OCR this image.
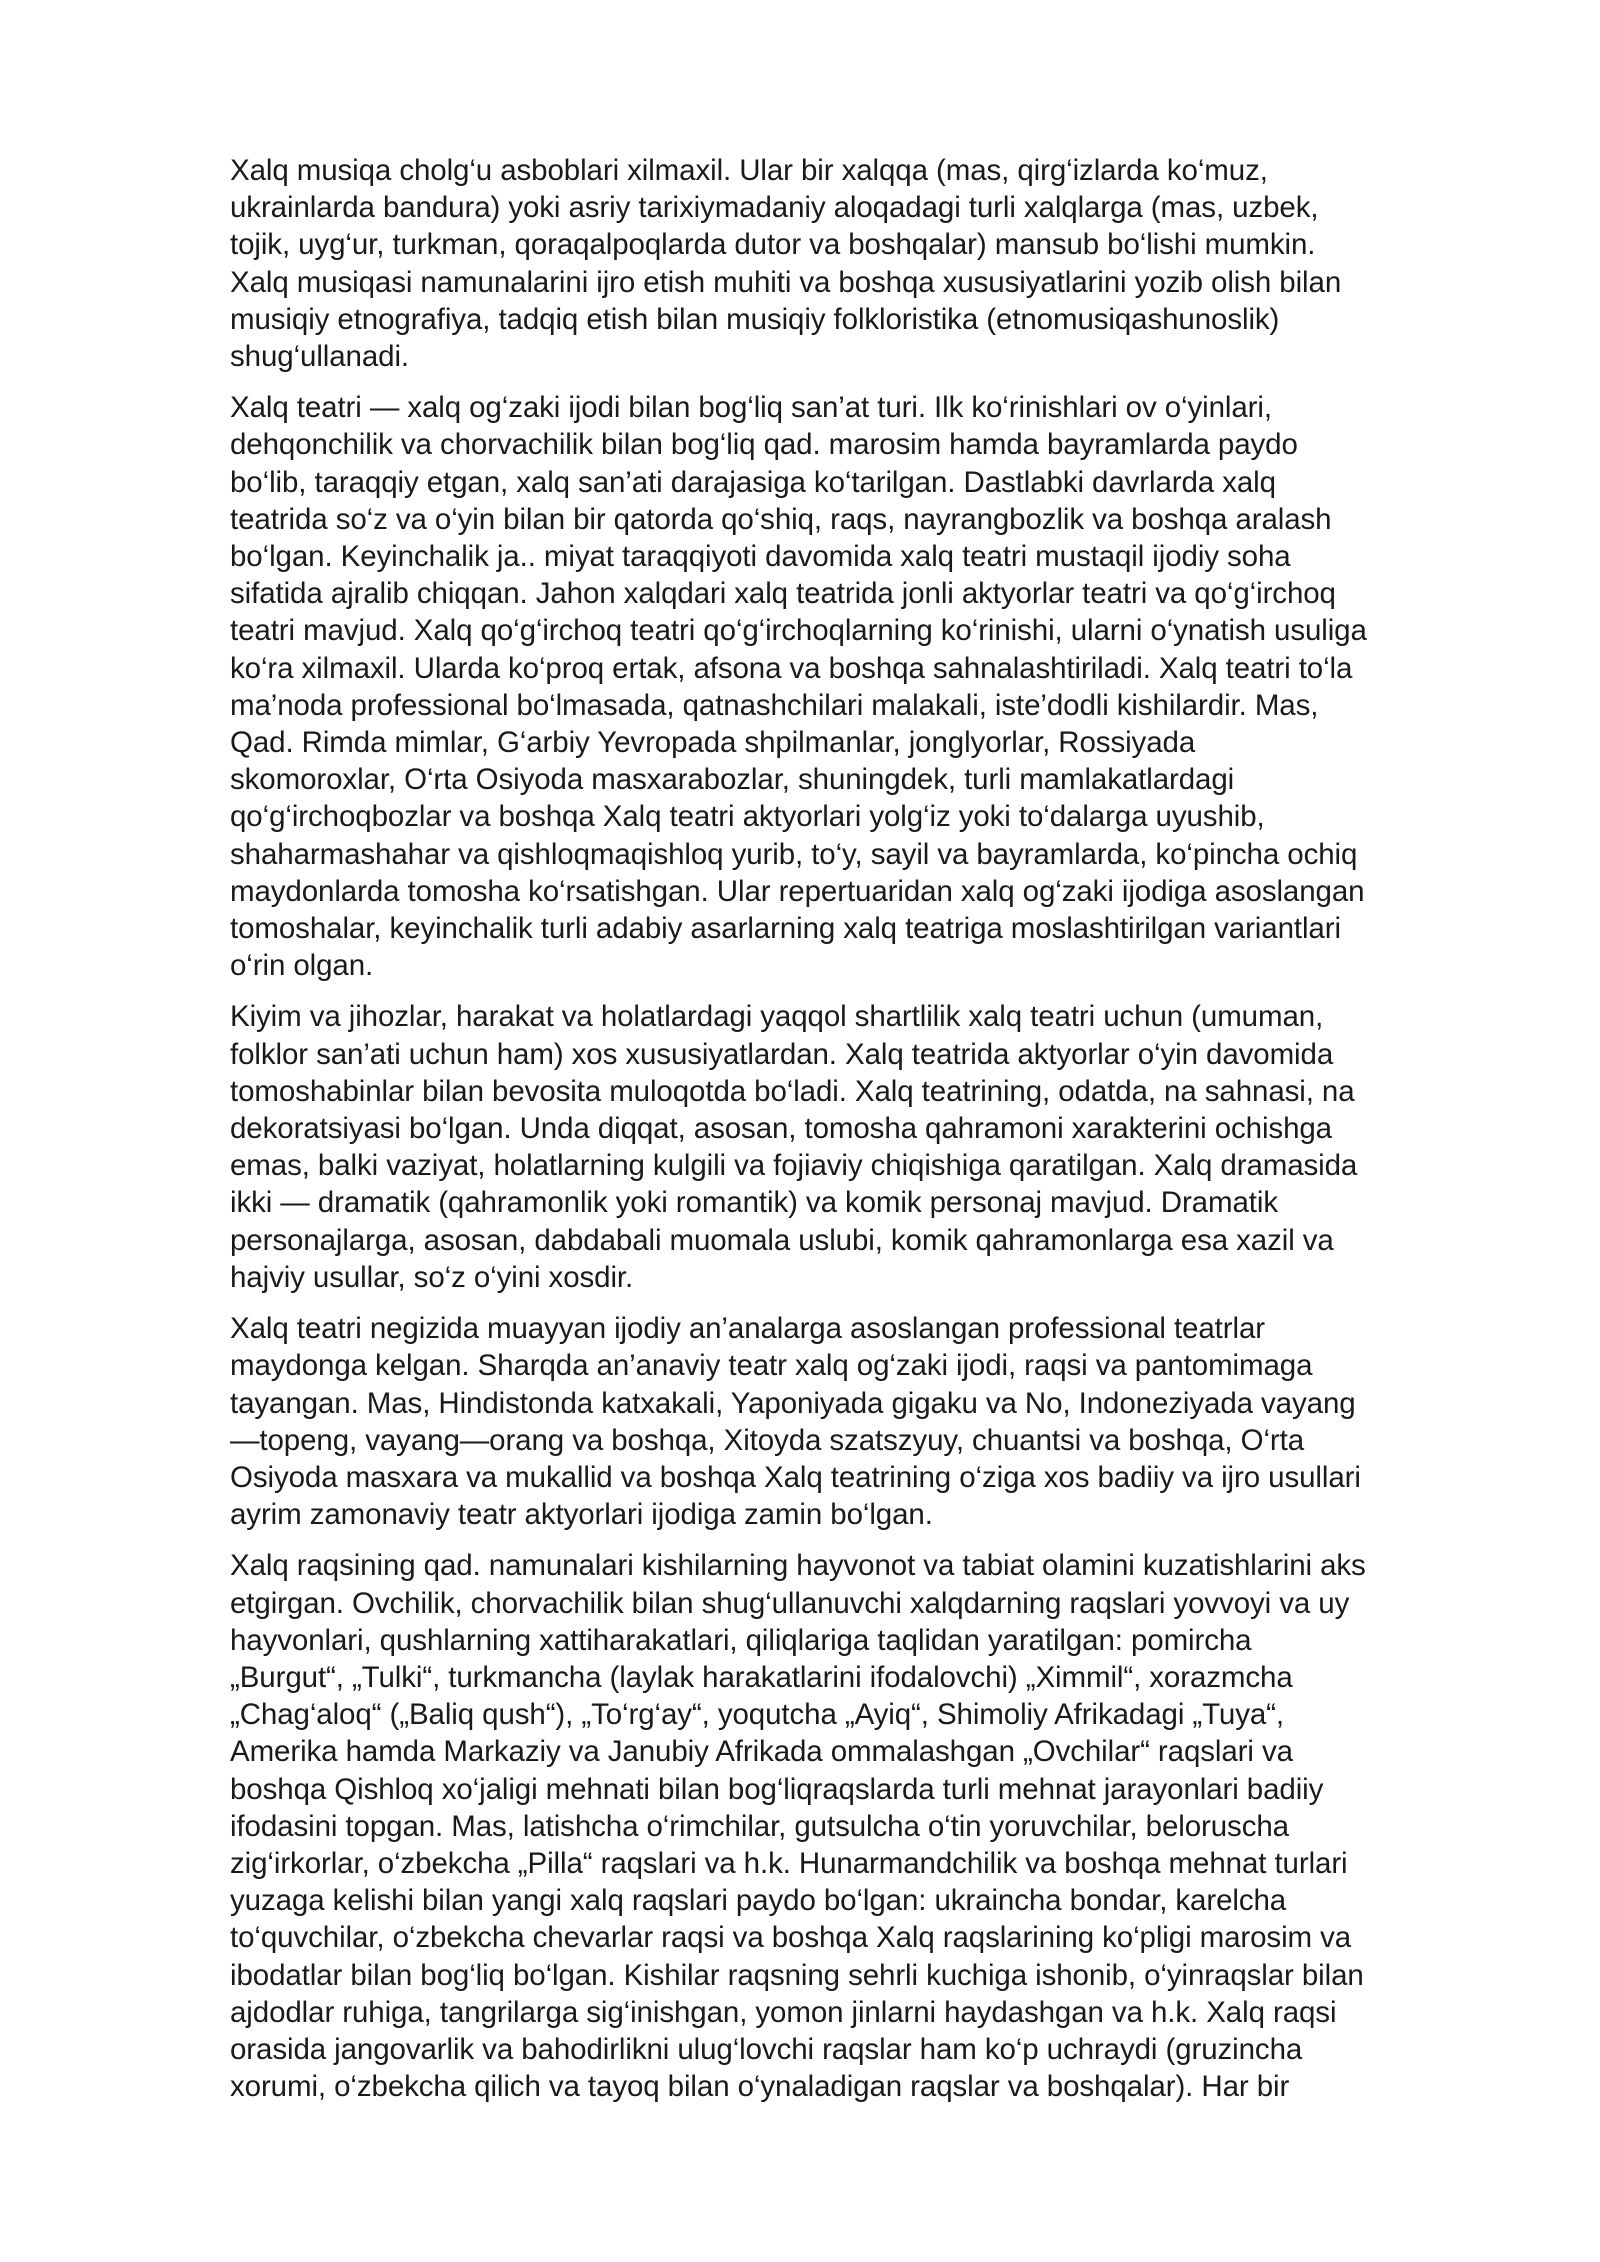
Xalq musiqa cholg‘u asboblari xilmaxil. Ular bir xalqqa (mas, qirg‘izlarda ko‘muz,
ukrainlarda bandura) yoki asriy tarixiymadaniy aloqadagi turli xalqlarga (mas, uzbek,
tojik, uyg‘ur, turkman, qoraqalpoqlarda dutor va boshqalar) mansub bo‘lishi mumkin.
Xalq musiqasi namunalarini ijro etish muhiti va boshqa xususiyatlarini yozib olish bilan
musiqiy etnografiya, tadqiq etish bilan musiqiy folkloristika (etnomusiqashunoslik)
shug‘ullanadi.

Xalq teatri — xalq og‘zaki ijodi bilan bog‘liq san’at turi. Ilk ko‘rinishlari ov o‘yinlari,
dehqonchilik va chorvachilik bilan bog‘liq qad. marosim hamda bayramlarda paydo
bo‘lib, taraqqiy etgan, xalq san’ati darajasiga ko‘tarilgan. Dastlabki davrlarda xalq
teatrida so‘z va o‘yin bilan bir qatorda qo‘shiq, raqs, nayrangbozlik va boshqa aralash
bo‘lgan. Keyinchalik ja.. miyat taraqqiyoti davomida xalq teatri mustaqil ijodiy soha
sifatida ajralib chiqqan. Jahon xalqdari xalq teatrida jonli aktyorlar teatri va qo‘g‘irchoq
teatri mavjud. Xalq qo‘g‘irchoq teatri qo‘g‘irchoqlarning ko‘rinishi, ularni o‘ynatish usuliga
ko‘ra xilmaxil. Ularda ko‘proq ertak, afsona va boshqa sahnalashtiriladi. Xalq teatri to‘la
ma’noda professional bo‘lmasada, qatnashchilari malakali, iste’dodli kishilardir. Mas,
Qad. Rimda mimlar, G‘arbiy Yevropada shpilmanlar, jonglyorlar, Rossiyada
skomoroxlar, O‘rta Osiyoda masxarabozlar, shuningdek, turli mamlakatlardagi
qo‘g‘irchoqbozlar va boshqa Xalq teatri aktyorlari yolg‘iz yoki to‘dalarga uyushib,
shaharmashahar va qishloqmaqishloq yurib, to‘y, sayil va bayramlarda, ko‘pincha ochiq
maydonlarda tomosha ko‘rsatishgan. Ular repertuaridan xalq og‘zaki ijodiga asoslangan
tomoshalar, keyinchalik turli adabiy asarlarning xalq teatriga moslashtirilgan variantlari
o‘rin olgan.

Kiyim va jihozlar, harakat va holatlardagi yaqqol shartlilik xalq teatri uchun (umuman,
folklor san’ati uchun ham) xos xususiyatlardan. Xalq teatrida aktyorlar o‘yin davomida
tomoshabinlar bilan bevosita muloqotda bo‘ladi. Xalq teatrining, odatda, na sahnasi, na
dekoratsiyasi bo‘lgan. Unda diqqat, asosan, tomosha qahramoni xarakterini ochishga
emas, balki vaziyat, holatlarning kulgili va fojiaviy chiqishiga qaratilgan. Xalq dramasida
ikki — dramatik (qahramonlik yoki romantik) va komik personaj mavjud. Dramatik
personajlarga, asosan, dabdabali muomala uslubi, komik qahramonlarga esa xazil va
hajviy usullar, so‘z o‘yini xosdir.

Xalq teatri negizida muayyan ijodiy an’analarga asoslangan professional teatrlar
maydonga kelgan. Sharqda an’anaviy teatr xalq og‘zaki ijodi, raqsi va pantomimaga
tayangan. Mas, Hindistonda katxakali, Yaponiyada gigaku va No, Indoneziyada vayang
—topeng, vayang—orang va boshqa, Xitoyda szatszyuy, chuantsi va boshqa, O‘rta
Osiyoda masxara va mukallid va boshqa Xalq teatrining o‘ziga xos badiiy va ijro usullari
ayrim zamonaviy teatr aktyorlari ijodiga zamin bo‘lgan.

Xalq raqsining qad. namunalari kishilarning hayvonot va tabiat olamini kuzatishlarini aks
etgirgan. Ovchilik, chorvachilik bilan shug‘ullanuvchi xalqdarning raqslari yovvoyi va uy
hayvonlari, qushlarning xattiharakatlari, qiliqlariga taqlidan yaratilgan: pomircha
„Burgut“, „Tulki“, turkmancha (laylak harakatlarini ifodalovchi) „Ximmil“, xorazmcha
„Chag‘aloq“ („Baliq qush“), „To‘rg‘ay“, yoqutcha „Ayiq“, Shimoliy Afrikadagi „Tuya“,
Amerika hamda Markaziy va Janubiy Afrikada ommalashgan „Ovchilar“ raqslari va
boshqa Qishloq xo‘jaligi mehnati bilan bog‘liqraqslarda turli mehnat jarayonlari badiiy
ifodasini topgan. Mas, latishcha o‘rimchilar, gutsulcha o‘tin yoruvchilar, beloruscha
zig‘irkorlar, o‘zbekcha „Pilla“ raqslari va h.k. Hunarmandchilik va boshqa mehnat turlari
yuzaga kelishi bilan yangi xalq raqslari paydo bo‘lgan: ukraincha bondar, karelcha
to‘quvchilar, o‘zbekcha chevarlar raqsi va boshqa Xalq raqslarining ko‘pligi marosim va
ibodatlar bilan bog‘liq bo‘lgan. Kishilar raqsning sehrli kuchiga ishonib, o‘yinraqslar bilan
ajdodlar ruhiga, tangrilarga sig‘inishgan, yomon jinlarni haydashgan va h.k. Xalq raqsi
orasida jangovarlik va bahodirlikni ulug‘lovchi raqslar ham ko‘p uchraydi (gruzincha
xorumi, o‘zbekcha qilich va tayoq bilan o‘ynaladigan raqslar va boshqalar). Har bir
